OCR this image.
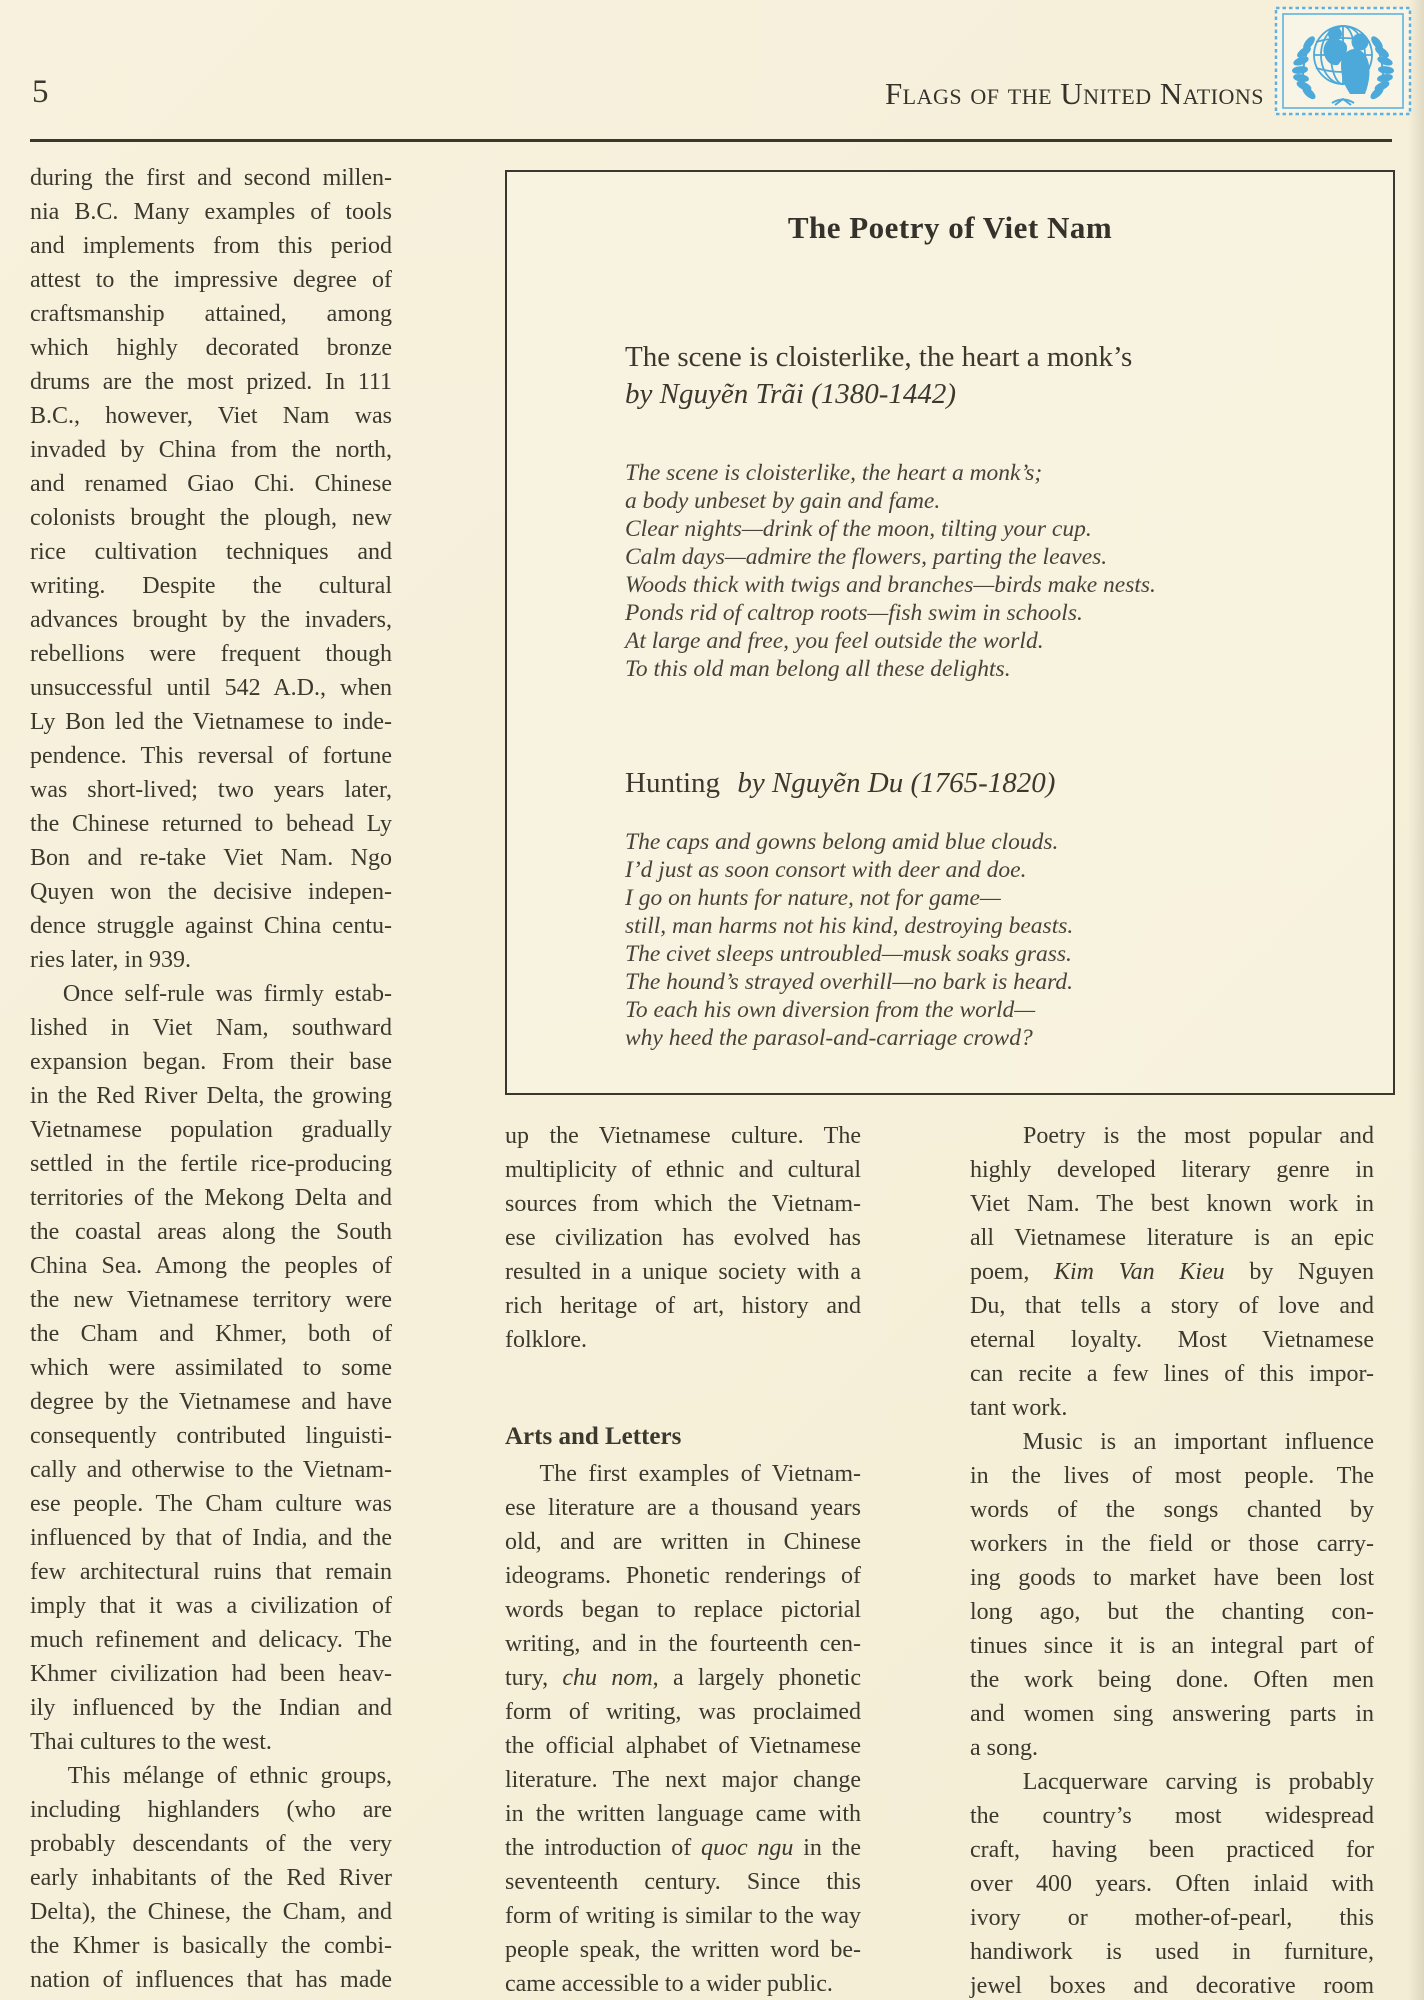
5	Flags of the United Nations
during the first and second millen-
nia B.C. Many examples of tools
and implements from this period
attest to the impressive degree of
craftsmanship attained, among
which highly decorated bronze
drums are the most prized. In 111
B.C., however, Viet Nam was
invaded by China from the north,
and renamed Giao Chi. Chinese
colonists brought the plough, new
rice cultivation techniques and
writing. Despite the cultural
advances brought by the invaders,
rebellions were frequent though
unsuccessful until 542 A.D., when
Ly Bon led the Vietnamese to inde-
pendence. This reversal of fortune
was short-lived; two years later,
the Chinese returned to behead Ly
Bon and re-take Viet Nam. Ngo
Quyen won the decisive indepen-
dence struggle against China centu-
ries later, in 939.
Once self-rule was firmly estab-
lished in Viet Nam, southward
expansion began. From their base
in the Red River Delta, the growing
Vietnamese population gradually
settled in the fertile rice-producing
territories of the Mekong Delta and
the coastal areas along the South
China Sea. Among the peoples of
the new Vietnamese territory were
the Cham and Khmer, both of
which were assimilated to some
degree by the Vietnamese and have
consequently contributed linguisti-
cally and otherwise to the Vietnam-
ese people. The Cham culture was
influenced by that of India, and the
few architectural ruins that remain
imply that it was a civilization of
much refinement and delicacy. The
Khmer civilization had been heav-
ily influenced by the Indian and
Thai cultures to the west.
This mélange of ethnic groups,
including highlanders (who are
probably descendants of the very
early inhabitants of the Red River
Delta), the Chinese, the Cham, and
the Khmer is basically the combi-
nation of influences that has made
The Poetry of Viet Nam
The scene is cloisterlike, the heart a monk’s
by Nguyẽn Trãi (1380-1442)
The scene is cloisterlike, the heart a monk’s;
a body unbeset by gain and fame.
Clear nights—drink of the moon, tilting your cup.
Calm days—admire the flowers, parting the leaves.
Woods thick with twigs and branches—birds make nests.
Ponds rid of caltrop roots—fish swim in schools.
At large and free, you feel outside the world.
To this old man belong all these delights.
Hunting by Nguyẽn Du (1765-1820)
The caps and gowns belong amid blue clouds.
I’d just as soon consort with deer and doe.
I go on hunts for nature, not for game—
still, man harms not his kind, destroying beasts.
The civet sleeps untroubled—musk soaks grass.
The hound’s strayed overhill—no bark is heard.
To each his own diversion from the world—
why heed the parasol-and-carriage crowd?
up the Vietnamese culture. The
multiplicity of ethnic and cultural
sources from which the Vietnam-
ese civilization has evolved has
resulted in a unique society with a
rich heritage of art, history and
folklore.
Arts and Letters
The first examples of Vietnam-
ese literature are a thousand years
old, and are written in Chinese
ideograms. Phonetic renderings of
words began to replace pictorial
writing, and in the fourteenth cen-
tury, chu nom, a largely phonetic
form of writing, was proclaimed
the official alphabet of Vietnamese
literature. The next major change
in the written language came with
the introduction of quoc ngu in the
seventeenth century. Since this
form of writing is similar to the way
people speak, the written word be-
came accessible to a wider public.
Poetry is the most popular and
highly developed literary genre in
Viet Nam. The best known work in
all Vietnamese literature is an epic
poem, Kim Van Kieu by Nguyen
Du, that tells a story of love and
eternal loyalty. Most Vietnamese
can recite a few lines of this impor-
tant work.
Music is an important influence
in the lives of most people. The
words of the songs chanted by
workers in the field or those carry-
ing goods to market have been lost
long ago, but the chanting con-
tinues since it is an integral part of
the work being done. Often men
and women sing answering parts in
a song.
Lacquerware carving is probably
the country’s most widespread
craft, having been practiced for
over 400 years. Often inlaid with
ivory or mother-of-pearl, this
handiwork is used in furniture,
jewel boxes and decorative room
